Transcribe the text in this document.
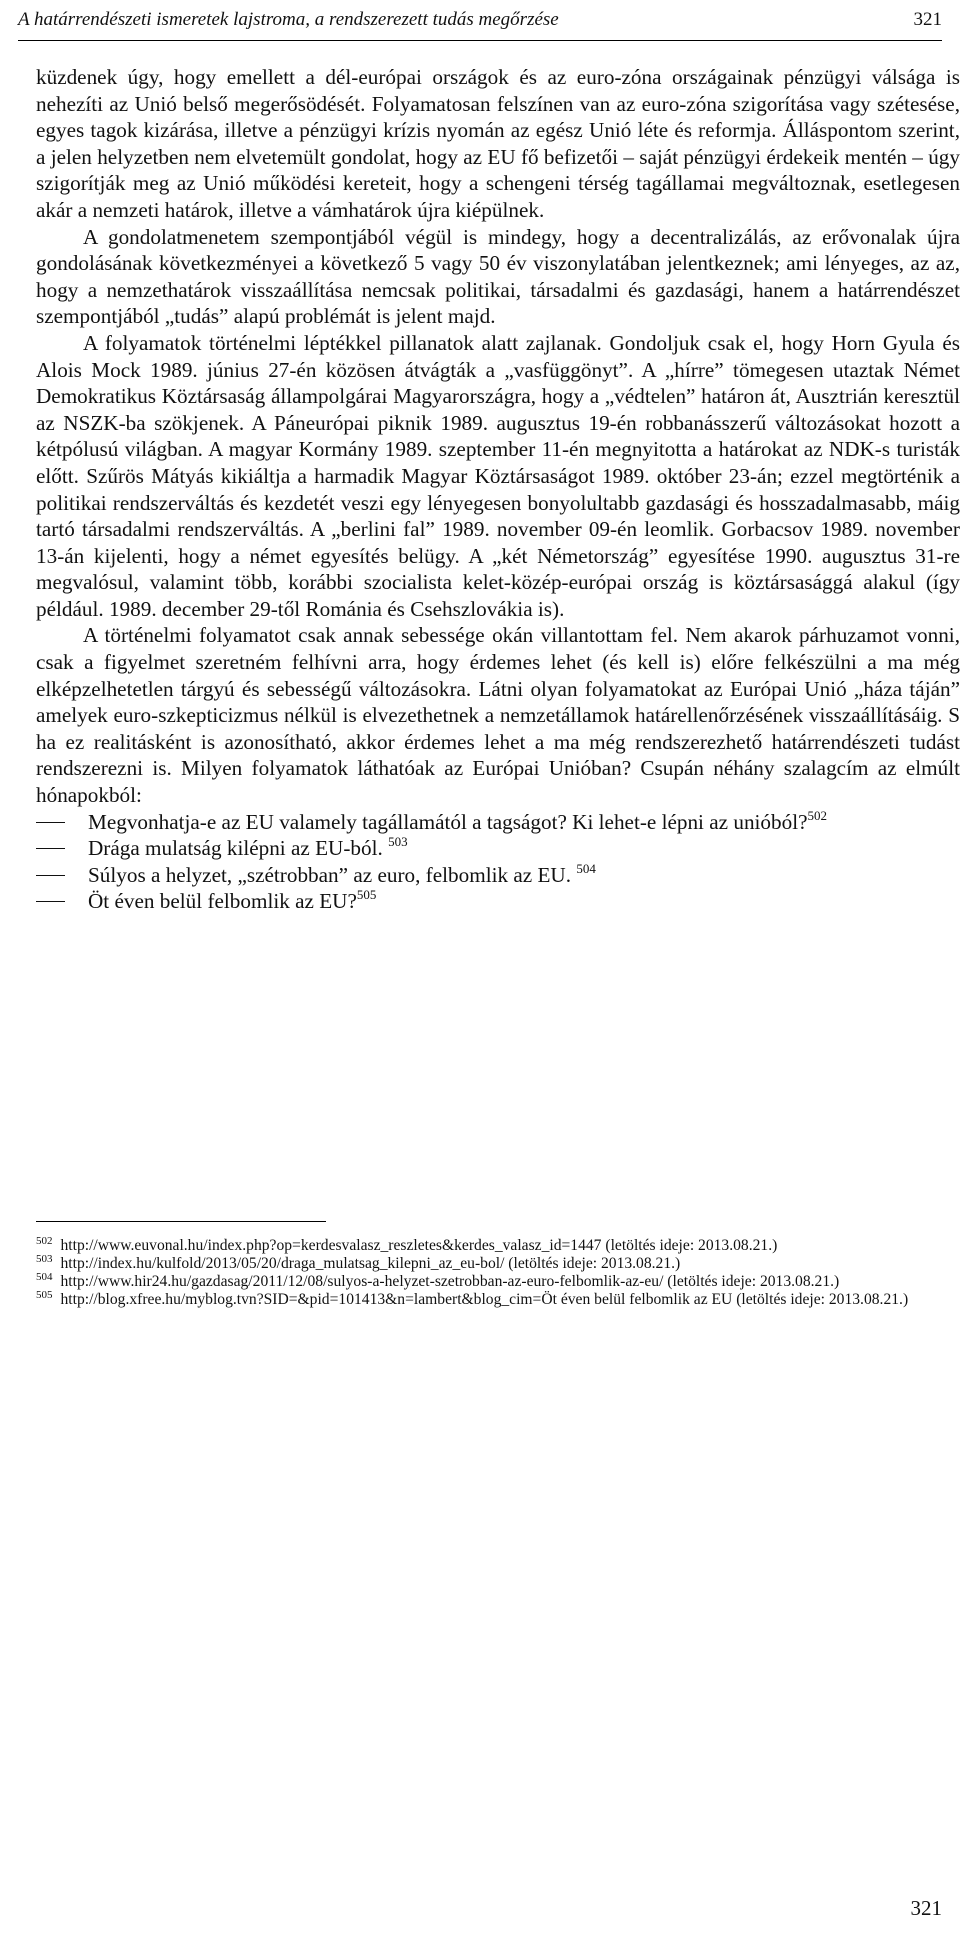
A határrendészeti ismeretek lajstroma, a rendszerezett tudás megőrzése	321

küzdenek úgy, hogy emellett a dél-európai országok és az euro-zóna országainak pénzügyi válsága is nehezíti az Unió belső megerősödését. Folyamatosan felszínen van az euro-zóna szigorítása vagy szétesése, egyes tagok kizárása, illetve a pénzügyi krízis nyomán az egész Unió léte és reformja. Álláspontom szerint, a jelen helyzetben nem elvetemült gondolat, hogy az EU fő befizetői – saját pénzügyi érdekeik mentén – úgy szigorítják meg az Unió működési kereteit, hogy a schengeni térség tagállamai megváltoznak, esetlegesen akár a nemzeti határok, illetve a vámhatárok újra kiépülnek.

A gondolatmenetem szempontjából végül is mindegy, hogy a decentralizálás, az erővonalak újra gondolásának következményei a következő 5 vagy 50 év viszonylatában jelentkeznek; ami lényeges, az az, hogy a nemzethatárok visszaállítása nemcsak politikai, társadalmi és gazdasági, hanem a határrendészet szempontjából „tudás” alapú problémát is jelent majd.

A folyamatok történelmi léptékkel pillanatok alatt zajlanak. Gondoljuk csak el, hogy Horn Gyula és Alois Mock 1989. június 27-én közösen átvágták a „vasfüggönyt”. A „hírre” tömegesen utaztak Német Demokratikus Köztársaság állampolgárai Magyarországra, hogy a „védtelen” határon át, Ausztrián keresztül az NSZK-ba szökjenek. A Páneurópai piknik 1989. augusztus 19-én robbanásszerű változásokat hozott a kétpólusú világban. A magyar Kormány 1989. szeptember 11-én megnyitotta a határokat az NDK-s turisták előtt. Szűrös Mátyás kikiáltja a harmadik Magyar Köztársaságot 1989. október 23-án; ezzel megtörténik a politikai rendszerváltás és kezdetét veszi egy lényegesen bonyolultabb gazdasági és hosszadalmasabb, máig tartó társadalmi rendszerváltás. A „berlini fal” 1989. november 09-én leomlik. Gorbacsov 1989. november 13-án kijelenti, hogy a német egyesítés belügy. A „két Németország” egyesítése 1990. augusztus 31-re megvalósul, valamint több, korábbi szocialista kelet-közép-európai ország is köztársasággá alakul (így például. 1989. december 29-től Románia és Csehszlovákia is).

A történelmi folyamatot csak annak sebessége okán villantottam fel. Nem akarok párhuzamot vonni, csak a figyelmet szeretném felhívni arra, hogy érdemes lehet (és kell is) előre felkészülni a ma még elképzelhetetlen tárgyú és sebességű változásokra. Látni olyan folyamatokat az Európai Unió „háza táján” amelyek euro-szkepticizmus nélkül is elvezethetnek a nemzetállamok határellenőrzésének visszaállításáig. S ha ez realitásként is azonosítható, akkor érdemes lehet a ma még rendszerezhető határrendészeti tudást rendszerezni is. Milyen folyamatok láthatóak az Európai Unióban? Csupán néhány szalagcím az elmúlt hónapokból:

Megvonhatja-e az EU valamely tagállamától a tagságot? Ki lehet-e lépni az unióból?$^{502}$
Drága mulatság kilépni az EU-ból. $^{503}$
Súlyos a helyzet, „szétrobban” az euro, felbomlik az EU. $^{504}$
Öt éven belül felbomlik az EU?$^{505}$

$^{502}$ http://www.euvonal.hu/index.php?op=kerdesvalasz_reszletes&kerdes_valasz_id=1447 (letöltés ideje: 2013.08.21.)

$^{503}$ http://index.hu/kulfold/2013/05/20/draga_mulatsag_kilepni_az_eu-bol/ (letöltés ideje: 2013.08.21.)

$^{504}$ http://www.hir24.hu/gazdasag/2011/12/08/sulyos-a-helyzet-szetrobban-az-euro-felbomlik-az-eu/ (letöltés ideje: 2013.08.21.)

$^{505}$ http://blog.xfree.hu/myblog.tvn?SID=&pid=101413&n=lambert&blog_cim=Öt éven belül felbomlik az EU (letöltés ideje: 2013.08.21.)

321
